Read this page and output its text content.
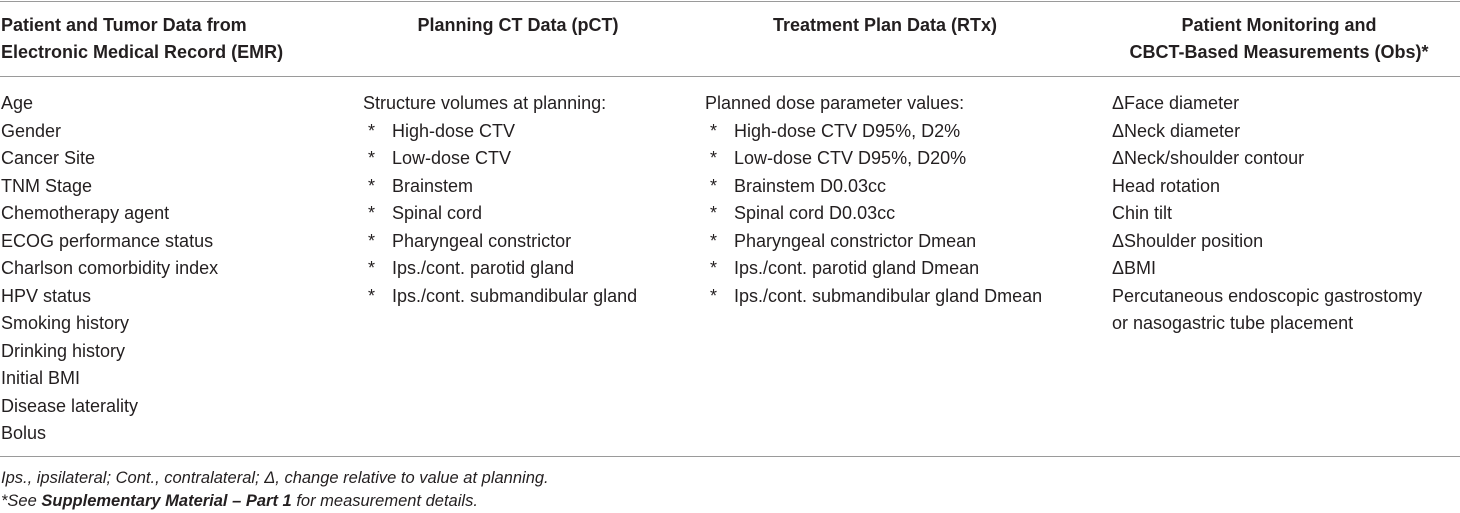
Patient and Tumor Data from
Electronic Medical Record (EMR)
Planning CT Data (pCT)	Treatment Plan Data (RTx)	Patient Monitoring and
CBCT-Based Measurements (Obs)*
Age
Gender
Cancer Site
TNM Stage
Chemotherapy agent
ECOG performance status
Charlson comorbidity index
HPV status
Smoking history
Drinking history
Initial BMI
Disease laterality
Bolus
Structure volumes at planning:
* High-dose CTV
* Low-dose CTV
* Brainstem
* Spinal cord
* Pharyngeal constrictor
* Ips./cont. parotid gland
* Ips./cont. submandibular gland
Planned dose parameter values:
* High-dose CTV D95%, D2%
* Low-dose CTV D95%, D20%
* Brainstem D0.03cc
* Spinal cord D0.03cc
* Pharyngeal constrictor Dmean
* Ips./cont. parotid gland Dmean
* Ips./cont. submandibular gland Dmean
ΔFace diameter
ΔNeck diameter
ΔNeck/shoulder contour
Head rotation
Chin tilt
ΔShoulder position
ΔBMI
Percutaneous endoscopic gastrostomy
or nasogastric tube placement
Ips., ipsilateral; Cont., contralateral; Δ, change relative to value at planning.
*See Supplementary Material – Part 1 for measurement details.
